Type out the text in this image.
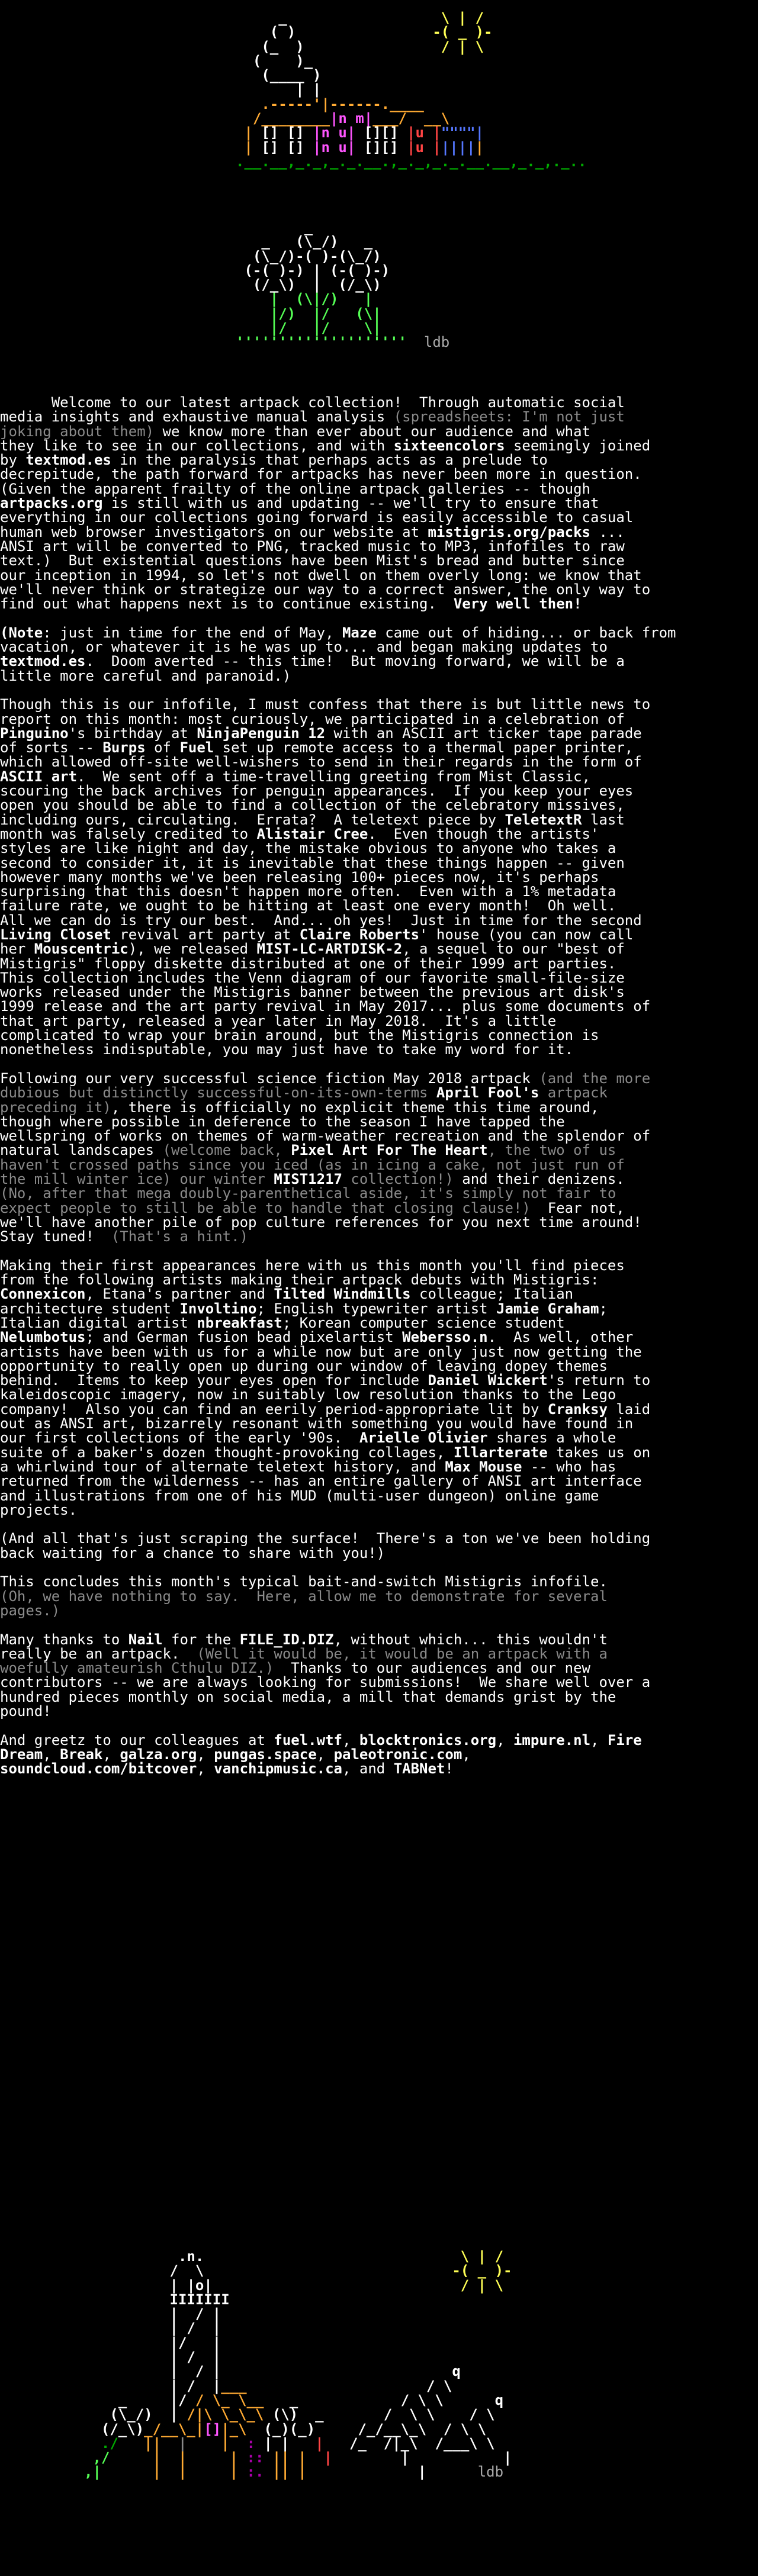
_                  \ | /
( )                -( _ )-
(_  )                / | \
(    )_
(____ )
| |
.-----'|------.____
/________|n m|___/  __\
| [] [] |n u| [][] |u |""""|
| [] [] |n u| [][] |u ||||||
.__.__,_._,_._.__.,_._,_._.__.__,_._,._..
_
_   (\_/)   _
(\_/)-( )-(\_/)
(-( )-) | (-( )-)
(/_\)  |  (/_\)
|  (\|/)   |
|/)  |/   (\|
|/   |/    \|
'''''''''''''''''''' ldb

Welcome to our latest artpack collection!  Through automatic social
media insights and exhaustive manual analysis (spreadsheets: I'm not just
joking about them) we know more than ever about our audience and what
they like to see in our collections, and with sixteencolors seemingly joined
by textmod.es in the paralysis that perhaps acts as a prelude to
decrepitude, the path forward for artpacks has never been more in question.
(Given the apparent frailty of the online artpack galleries -- though
artpacks.org is still with us and updating -- we'll try to ensure that
everything in our collections going forward is easily accessible to casual
human web browser investigators on our website at mistigris.org/packs ...
ANSI art will be converted to PNG, tracked music to MP3, infofiles to raw
text.)  But existential questions have been Mist's bread and butter since
our inception in 1994, so let's not dwell on them overly long: we know that
we'll never think or strategize our way to a correct answer, the only way to
find out what happens next is to continue existing.  Very well then!

(Note: just in time for the end of May, Maze came out of hiding... or back from
vacation, or whatever it is he was up to... and began making updates to
textmod.es.  Doom averted -- this time!  But moving forward, we will be a
little more careful and paranoid.)

Though this is our infofile, I must confess that there is but little news to
report on this month: most curiously, we participated in a celebration of
Pinguino's birthday at NinjaPenguin 12 with an ASCII art ticker tape parade
of sorts -- Burps of Fuel set up remote access to a thermal paper printer,
which allowed off-site well-wishers to send in their regards in the form of
ASCII art.  We sent off a time-travelling greeting from Mist Classic,
scouring the back archives for penguin appearances.  If you keep your eyes
open you should be able to find a collection of the celebratory missives,
including ours, circulating.  Errata?  A teletext piece by TeletextR last
month was falsely credited to Alistair Cree.  Even though the artists'
styles are like night and day, the mistake obvious to anyone who takes a
second to consider it, it is inevitable that these things happen -- given
however many months we've been releasing 100+ pieces now, it's perhaps
surprising that this doesn't happen more often.  Even with a 1% metadata
failure rate, we ought to be hitting at least one every month!  Oh well.
All we can do is try our best.  And... oh yes!  Just in time for the second
Living Closet revival art party at Claire Roberts' house (you can now call
her Mouscentric), we released MIST-LC-ARTDISK-2, a sequel to our "best of
Mistigris" floppy diskette distributed at one of their 1999 art parties.
This collection includes the Venn diagram of our favorite small-file-size
works released under the Mistigris banner between the previous art disk's
1999 release and the art party revival in May 2017... plus some documents of
that art party, released a year later in May 2018.  It's a little
complicated to wrap your brain around, but the Mistigris connection is
nonetheless indisputable, you may just have to take my word for it.

Following our very successful science fiction May 2018 artpack (and the more
dubious but distinctly successful-on-its-own-terms April Fool's artpack
preceding it), there is officially no explicit theme this time around,
though where possible in deference to the season I have tapped the
wellspring of works on themes of warm-weather recreation and the splendor of
natural landscapes (welcome back, Pixel Art For The Heart, the two of us
haven't crossed paths since you iced (as in icing a cake, not just run of
the mill winter ice) our winter MIST1217 collection!) and their denizens.
(No, after that mega doubly-parenthetical aside, it's simply not fair to
expect people to still be able to handle that closing clause!)  Fear not,
we'll have another pile of pop culture references for you next time around!
Stay tuned!  (That's a hint.)

Making their first appearances here with us this month you'll find pieces
from the following artists making their artpack debuts with Mistigris:
Connexicon, Etana's partner and Tilted Windmills colleague; Italian
architecture student Involtino; English typewriter artist Jamie Graham;
Italian digital artist nbreakfast; Korean computer science student
Nelumbotus; and German fusion bead pixelartist Webersso.n.  As well, other
artists have been with us for a while now but are only just now getting the
opportunity to really open up during our window of leaving dopey themes
behind.  Items to keep your eyes open for include Daniel Wickert's return to
kaleidoscopic imagery, now in suitably low resolution thanks to the Lego
company!  Also you can find an eerily period-appropriate lit by Cranksy laid
out as ANSI art, bizarrely resonant with something you would have found in
our first collections of the early '90s.  Arielle Olivier shares a whole
suite of a baker's dozen thought-provoking collages, Illarterate takes us on
a whirlwind tour of alternate teletext history, and Max Mouse -- who has
returned from the wilderness -- has an entire gallery of ANSI art interface
and illustrations from one of his MUD (multi-user dungeon) online game
projects.

(And all that's just scraping the surface!  There's a ton we've been holding
back waiting for a chance to share with you!)

This concludes this month's typical bait-and-switch Mistigris infofile.
(Oh, we have nothing to say.  Here, allow me to demonstrate for several
pages.)

Many thanks to Nail for the FILE_ID.DIZ, without which... this wouldn't
really be an artpack.  (Well it would be, it would be an artpack with a
woefully amateurish Cthulu DIZ.)  Thanks to our audiences and our new
contributors -- we are always looking for submissions!  We share well over a
hundred pieces monthly on social media, a mill that demands grist by the
pound!

And greetz to our colleagues at fuel.wtf, blocktronics.org, impure.nl, Fire
Dream, Break, galza.org, pungas.space, paleotronic.com,
soundcloud.com/bitcover, vanchipmusic.ca, and TABNet!

.n.                              \ | /
/  \                             -( _ )-
| |o|                             / | \
IIIIIII
|  / |
| /  |
|/   |
| /  |
|  / |                           q
| /  |___                     / \
_     |/ / \_ \__   _            / \ \      q
(\_/)  | /|\ \_\_\ (\)  _       /  \ \    / \
(/_\)_/__\_|[]|_\  (_)(_)     /_/__\_\  / \ \
./   ||  |    |  : | |   |   /_  /|_\  /___\ \
,/     |  |     | :: || |  |        |           |
,|      |  |     | :. || |             |	ldb
